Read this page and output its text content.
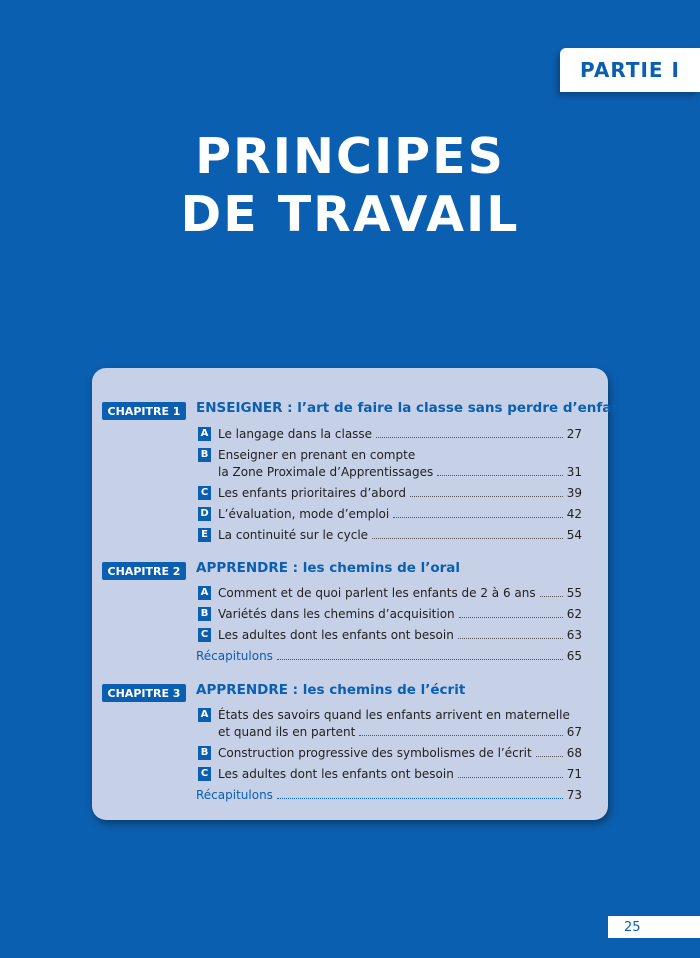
PARTIE I
PRINCIPES
DE TRAVAIL
CHAPITRE 1	ENSEIGNER : l’art de faire la classe sans perdre d’enfants
A Le langage dans la classe	27
B Enseigner en prenant en compte
la Zone Proximale d’Apprentissages	31
C Les enfants prioritaires d’abord	39
D L’évaluation, mode d’emploi	42
E La continuité sur le cycle	54
CHAPITRE 2	APPRENDRE : les chemins de l’oral
A Comment et de quoi parlent les enfants de 2 à 6 ans	55
B Variétés dans les chemins d’acquisition	62
C Les adultes dont les enfants ont besoin	63
Récapitulons	65
CHAPITRE 3	APPRENDRE : les chemins de l’écrit
A États des savoirs quand les enfants arrivent en maternelle
et quand ils en partent	67
B Construction progressive des symbolismes de l’écrit	68
C Les adultes dont les enfants ont besoin	71
Récapitulons	73
25
